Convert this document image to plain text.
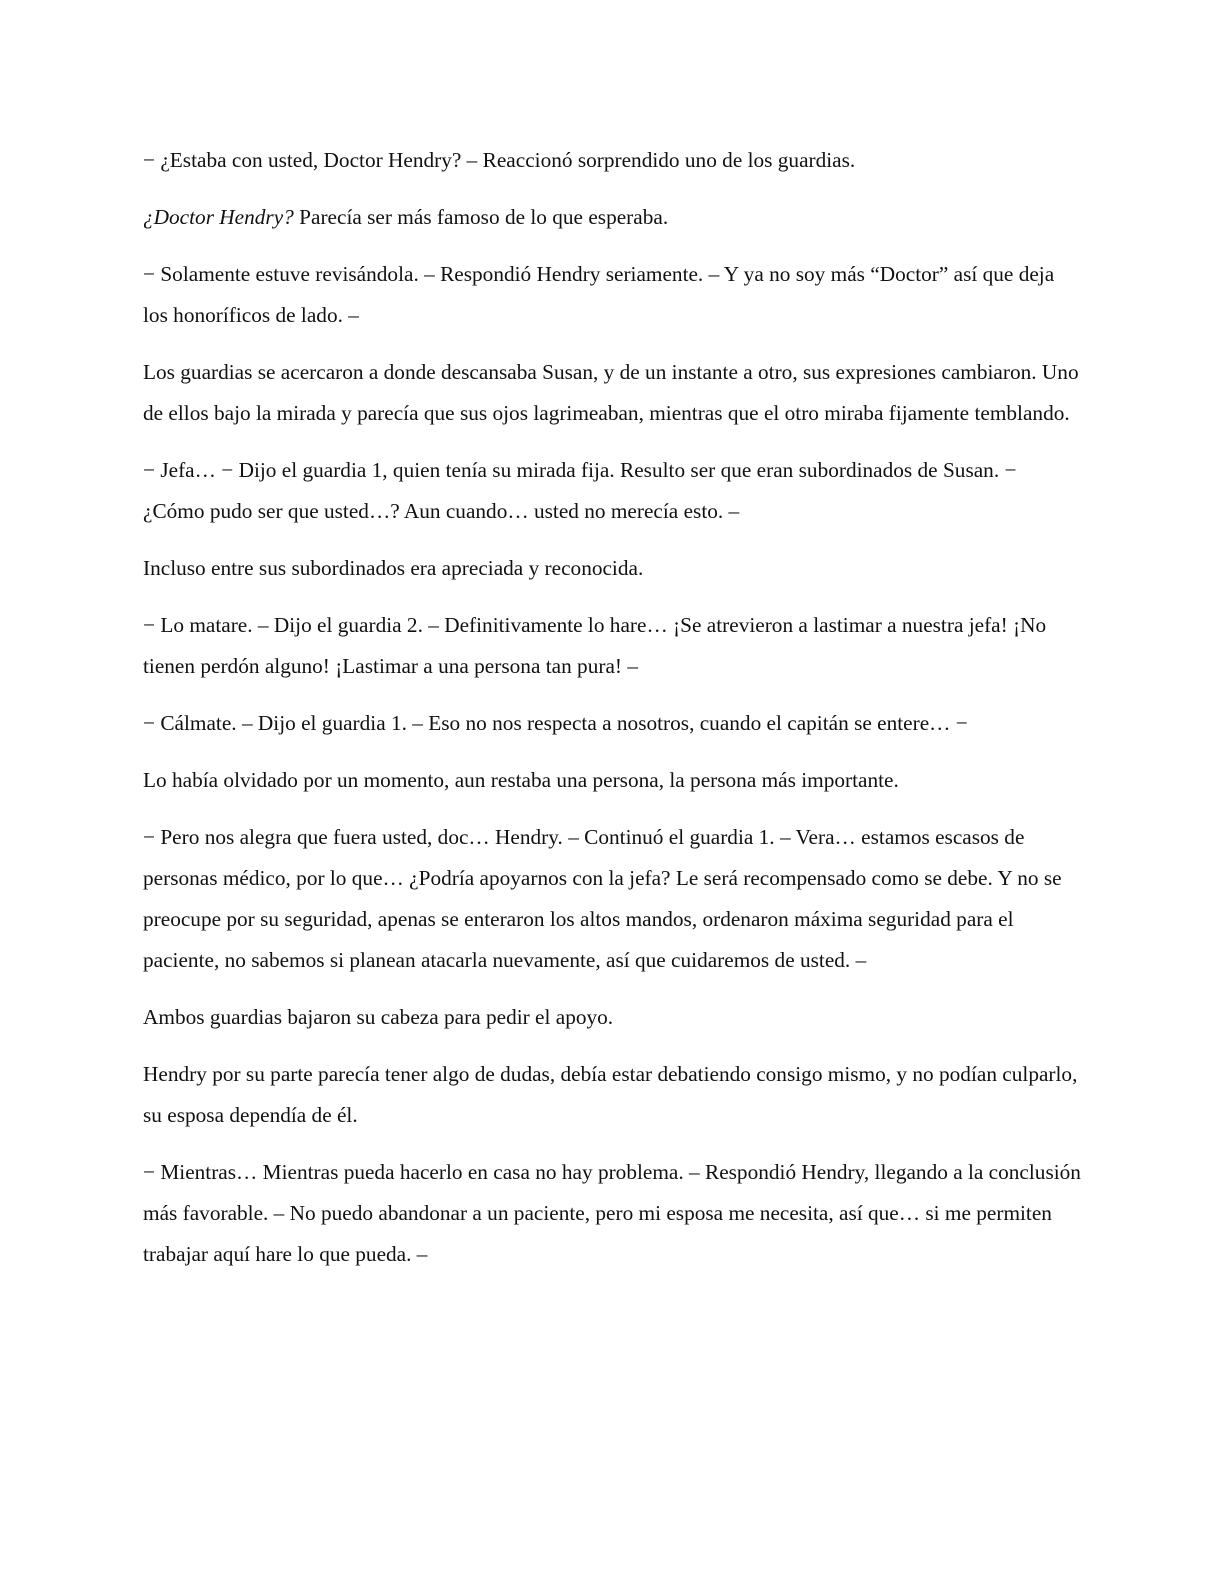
− ¿Estaba con usted, Doctor Hendry? – Reaccionó sorprendido uno de los guardias.

¿Doctor Hendry? Parecía ser más famoso de lo que esperaba.

− Solamente estuve revisándola. – Respondió Hendry seriamente. – Y ya no soy más “Doctor” así que deja los honoríficos de lado. –

Los guardias se acercaron a donde descansaba Susan, y de un instante a otro, sus expresiones cambiaron. Uno de ellos bajo la mirada y parecía que sus ojos lagrimeaban, mientras que el otro miraba fijamente temblando.

− Jefa… − Dijo el guardia 1, quien tenía su mirada fija. Resulto ser que eran subordinados de Susan. − ¿Cómo pudo ser que usted…? Aun cuando… usted no merecía esto. –

Incluso entre sus subordinados era apreciada y reconocida.

− Lo matare. – Dijo el guardia 2. – Definitivamente lo hare… ¡Se atrevieron a lastimar a nuestra jefa! ¡No tienen perdón alguno! ¡Lastimar a una persona tan pura! –

− Cálmate. – Dijo el guardia 1. – Eso no nos respecta a nosotros, cuando el capitán se entere… −

Lo había olvidado por un momento, aun restaba una persona, la persona más importante.

− Pero nos alegra que fuera usted, doc… Hendry. – Continuó el guardia 1. – Vera… estamos escasos de personas médico, por lo que… ¿Podría apoyarnos con la jefa? Le será recompensado como se debe. Y no se preocupe por su seguridad, apenas se enteraron los altos mandos, ordenaron máxima seguridad para el paciente, no sabemos si planean atacarla nuevamente, así que cuidaremos de usted. –

Ambos guardias bajaron su cabeza para pedir el apoyo.

Hendry por su parte parecía tener algo de dudas, debía estar debatiendo consigo mismo, y no podían culparlo, su esposa dependía de él.

− Mientras… Mientras pueda hacerlo en casa no hay problema. – Respondió Hendry, llegando a la conclusión más favorable. – No puedo abandonar a un paciente, pero mi esposa me necesita, así que… si me permiten trabajar aquí hare lo que pueda. –
